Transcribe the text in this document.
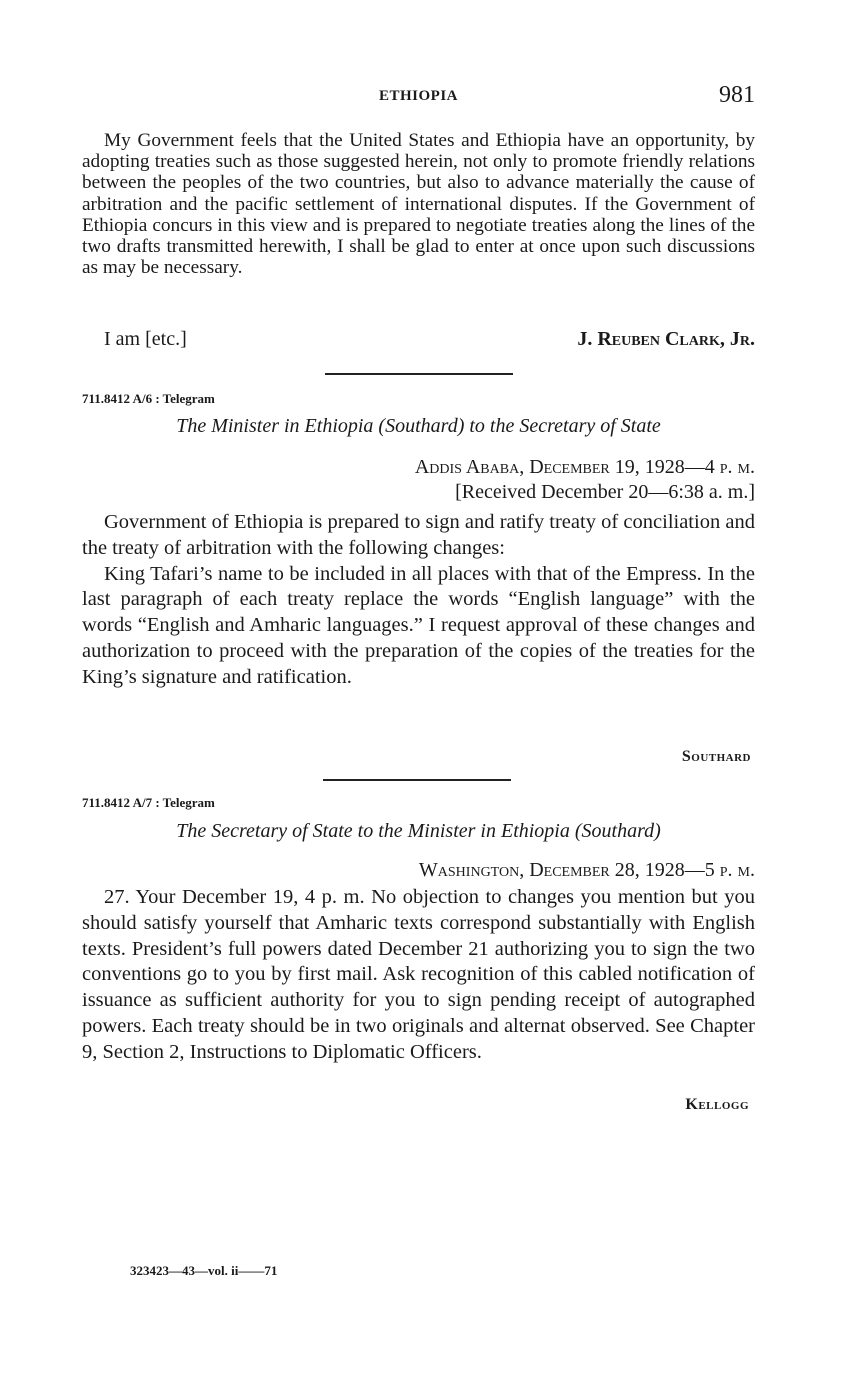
ETHIOPIA	981

My Government feels that the United States and Ethiopia have an opportunity, by adopting treaties such as those suggested herein, not only to promote friendly relations between the peoples of the two countries, but also to advance materially the cause of arbitration and the pacific settlement of international disputes. If the Government of Ethiopia concurs in this view and is prepared to negotiate treaties along the lines of the two drafts transmitted herewith, I shall be glad to enter at once upon such discussions as may be necessary.

I am [etc.]	J. Reuben Clark, Jr.
711.8412 A/6 : Telegram
The Minister in Ethiopia (Southard) to the Secretary of State
Addis Ababa, December 19, 1928—4 p. m.
[Received December 20—6:38 a. m.]

Government of Ethiopia is prepared to sign and ratify treaty of conciliation and the treaty of arbitration with the following changes:

King Tafari’s name to be included in all places with that of the Empress. In the last paragraph of each treaty replace the words “English language” with the words “English and Amharic languages.” I request approval of these changes and authorization to proceed with the preparation of the copies of the treaties for the King’s signature and ratification.

Southard
711.8412 A/7 : Telegram
The Secretary of State to the Minister in Ethiopia (Southard)
Washington, December 28, 1928—5 p. m.

27. Your December 19, 4 p. m. No objection to changes you mention but you should satisfy yourself that Amharic texts correspond substantially with English texts. President’s full powers dated December 21 authorizing you to sign the two conventions go to you by first mail. Ask recognition of this cabled notification of issuance as sufficient authority for you to sign pending receipt of autographed powers. Each treaty should be in two originals and alternat observed. See Chapter 9, Section 2, Instructions to Diplomatic Officers.

Kellogg
323423—43—vol. ii——71
